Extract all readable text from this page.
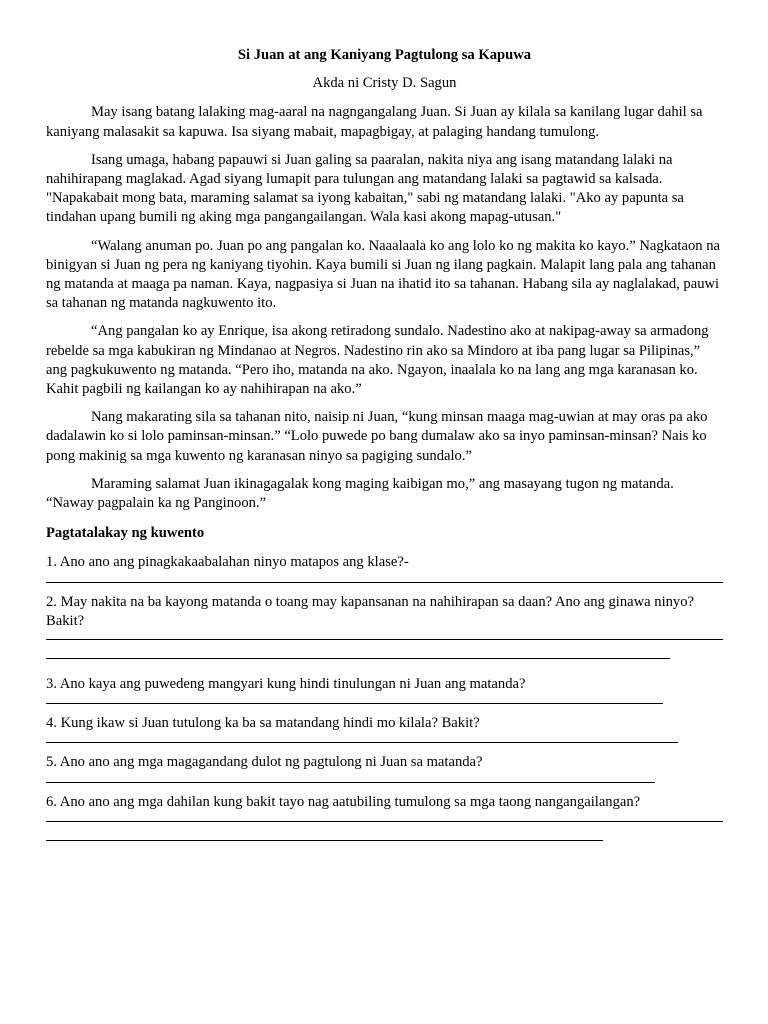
Si Juan at ang Kaniyang Pagtulong sa Kapuwa

Akda ni Cristy D. Sagun

May isang batang lalaking mag-aaral na nagngangalang Juan. Si Juan ay kilala sa kanilang lugar dahil sa kaniyang malasakit sa kapuwa. Isa siyang mabait, mapagbigay, at palaging handang tumulong.

Isang umaga, habang papauwi si Juan galing sa paaralan, nakita niya ang isang matandang lalaki na nahihirapang maglakad. Agad siyang lumapit para tulungan ang matandang lalaki sa pagtawid sa kalsada. "Napakabait mong bata, maraming salamat sa iyong kabaitan," sabi ng matandang lalaki. "Ako ay papunta sa tindahan upang bumili ng aking mga pangangailangan. Wala kasi akong mapag-utusan."

“Walang anuman po. Juan po ang pangalan ko. Naaalaala ko ang lolo ko ng makita ko kayo.” Nagkataon na binigyan si Juan ng pera ng kaniyang tiyohin. Kaya bumili si Juan ng ilang pagkain. Malapit lang pala ang tahanan ng matanda at maaga pa naman. Kaya, nagpasiya si Juan na ihatid ito sa tahanan. Habang sila ay naglalakad, pauwi sa tahanan ng matanda nagkuwento ito.

“Ang pangalan ko ay Enrique, isa akong retiradong sundalo. Nadestino ako at nakipag-away sa armadong rebelde sa mga kabukiran ng Mindanao at Negros. Nadestino rin ako sa Mindoro at iba pang lugar sa Pilipinas,” ang pagkukuwento ng matanda. “Pero iho, matanda na ako. Ngayon, inaalala ko na lang ang mga karanasan ko. Kahit pagbili ng kailangan ko ay nahihirapan na ako.”

Nang makarating sila sa tahanan nito, naisip ni Juan, “kung minsan maaga mag-uwian at may oras pa ako dadalawin ko si lolo paminsan-minsan.” “Lolo puwede po bang dumalaw ako sa inyo paminsan-minsan? Nais ko pong makinig sa mga kuwento ng karanasan ninyo sa pagiging sundalo.”

Maraming salamat Juan ikinagagalak kong maging kaibigan mo,” ang masayang tugon ng matanda. “Naway pagpalain ka ng Panginoon.”

Pagtatalakay ng kuwento

1. Ano ano ang pinagkakaabalahan ninyo matapos ang klase?-

2. May nakita na ba kayong matanda o toang may kapansanan na nahihirapan sa daan? Ano ang ginawa ninyo? Bakit?

3. Ano kaya ang puwedeng mangyari kung hindi tinulungan ni Juan ang matanda?

4. Kung ikaw si Juan tutulong ka ba sa matandang hindi mo kilala? Bakit?

5. Ano ano ang mga magagandang dulot ng pagtulong ni Juan sa matanda?

6. Ano ano ang mga dahilan kung bakit tayo nag aatubiling tumulong sa mga taong nangangailangan?
